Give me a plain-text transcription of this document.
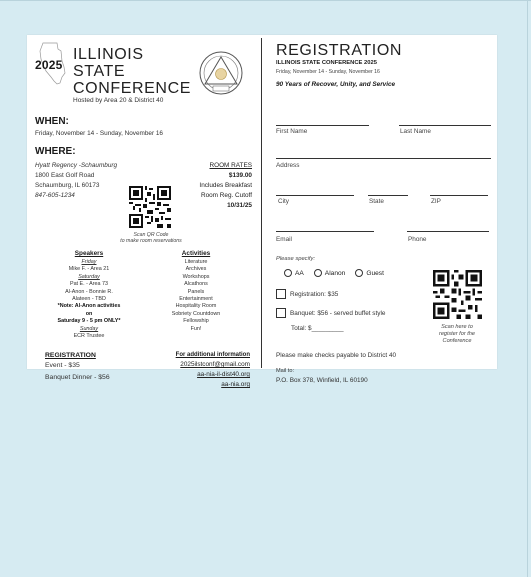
2025
ILLINOIS
STATE
CONFERENCE
Hosted by Area 20 & District 40
WHEN:
Friday, November 14 - Sunday, November 16
WHERE:
Hyatt Regency -Schaumburg
1800 East Golf Road
Schaumburg, IL 60173
847-605-1234
Scan QR Code
to make room reservations
ROOM RATES
$139.00
Includes Breakfast
Room Reg. Cutoff
10/31/25
Speakers
Friday
Mike F. - Area 21
Saturday
Pat E. - Area 73
Al-Anon - Bonnie R.
Alateen - TBD
*Note: Al-Anon activities on
Saturday 9 - 5 pm ONLY*
Sunday
ECR Trustee
Activities
Literature
Archives
Workshops
Alcathons
Panels
Entertainment
Hospitality Room
Sobriety Countdown
Fellowship
Fun!
REGISTRATION
Event - $35
Banquet Dinner - $56
For additional information
2025ilstconf@gmail.com
aa-nia-il-dist40.org
aa-nia.org
REGISTRATION
ILLINOIS STATE CONFERENCE 2025
Friday, November 14 - Sunday, November 16
90 Years of Recover, Unity, and Service
First Name	Last Name
Address
City	State	ZIP
Email	Phone
Please specify:
AA	Alanon	Guest
Registration: $35
Banquet: $56 - served buffet style
Total: $_________	Scan here to
register for the
Conference
Please make checks payable to District 40
Mail to:
P.O. Box 378, Winfield, IL 60190
